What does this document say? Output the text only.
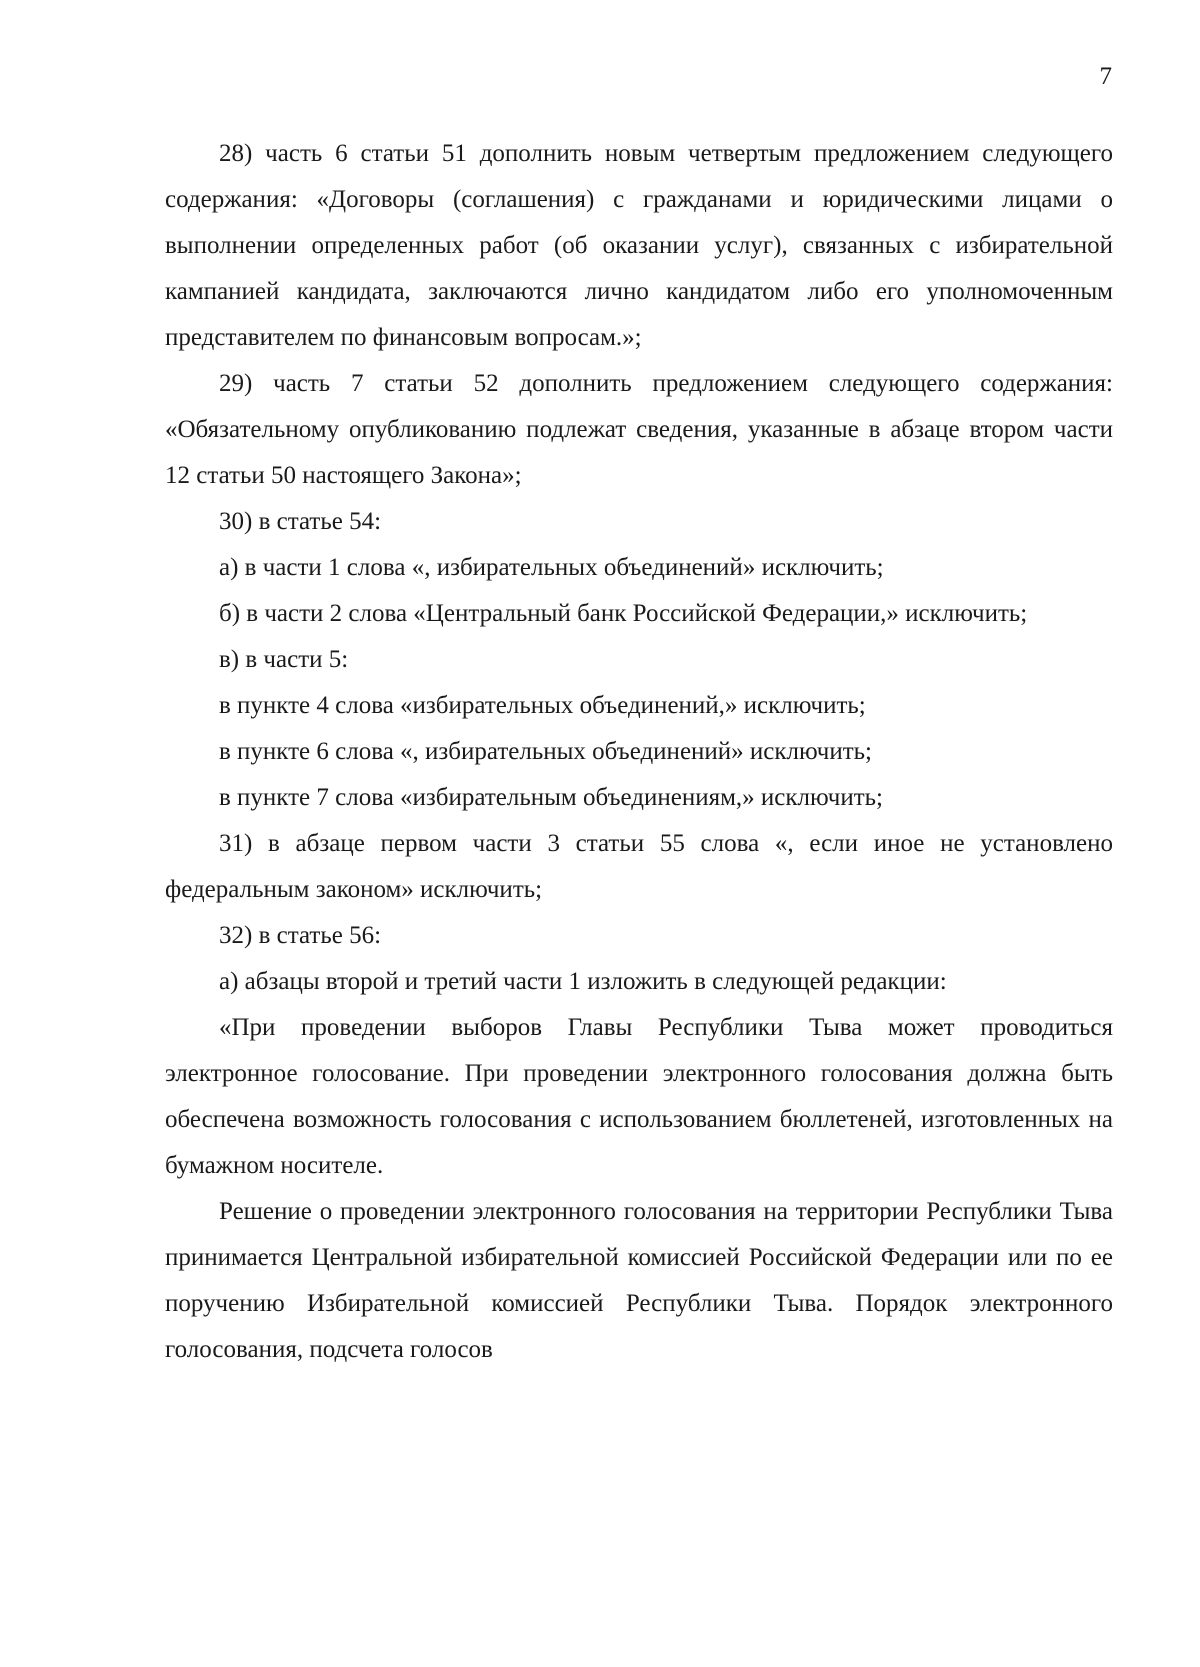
7

28) часть 6 статьи 51 дополнить новым четвертым предложением следующего содержания: «Договоры (соглашения) с гражданами и юридическими лицами о выполнении определенных работ (об оказании услуг), связанных с избирательной кампанией кандидата, заключаются лично кандидатом либо его уполномоченным представителем по финансовым вопросам.»;

29) часть 7 статьи 52 дополнить предложением следующего содержания: «Обязательному опубликованию подлежат сведения, указанные в абзаце втором части 12 статьи 50 настоящего Закона»;

30) в статье 54:

а) в части 1 слова «, избирательных объединений» исключить;

б) в части 2 слова «Центральный банк Российской Федерации,» исключить;

в) в части 5:

в пункте 4 слова «избирательных объединений,» исключить;

в пункте 6 слова «, избирательных объединений» исключить;

в пункте 7 слова «избирательным объединениям,» исключить;

31) в абзаце первом части 3 статьи 55 слова «, если иное не установлено федеральным законом» исключить;

32) в статье 56:

а) абзацы второй и третий части 1 изложить в следующей редакции:

«При проведении выборов Главы Республики Тыва может проводиться электронное голосование. При проведении электронного голосования должна быть обеспечена возможность голосования с использованием бюллетеней, изготовленных на бумажном носителе.

Решение о проведении электронного голосования на территории Республики Тыва принимается Центральной избирательной комиссией Российской Федерации или по ее поручению Избирательной комиссией Республики Тыва. Порядок электронного голосования, подсчета голосов
